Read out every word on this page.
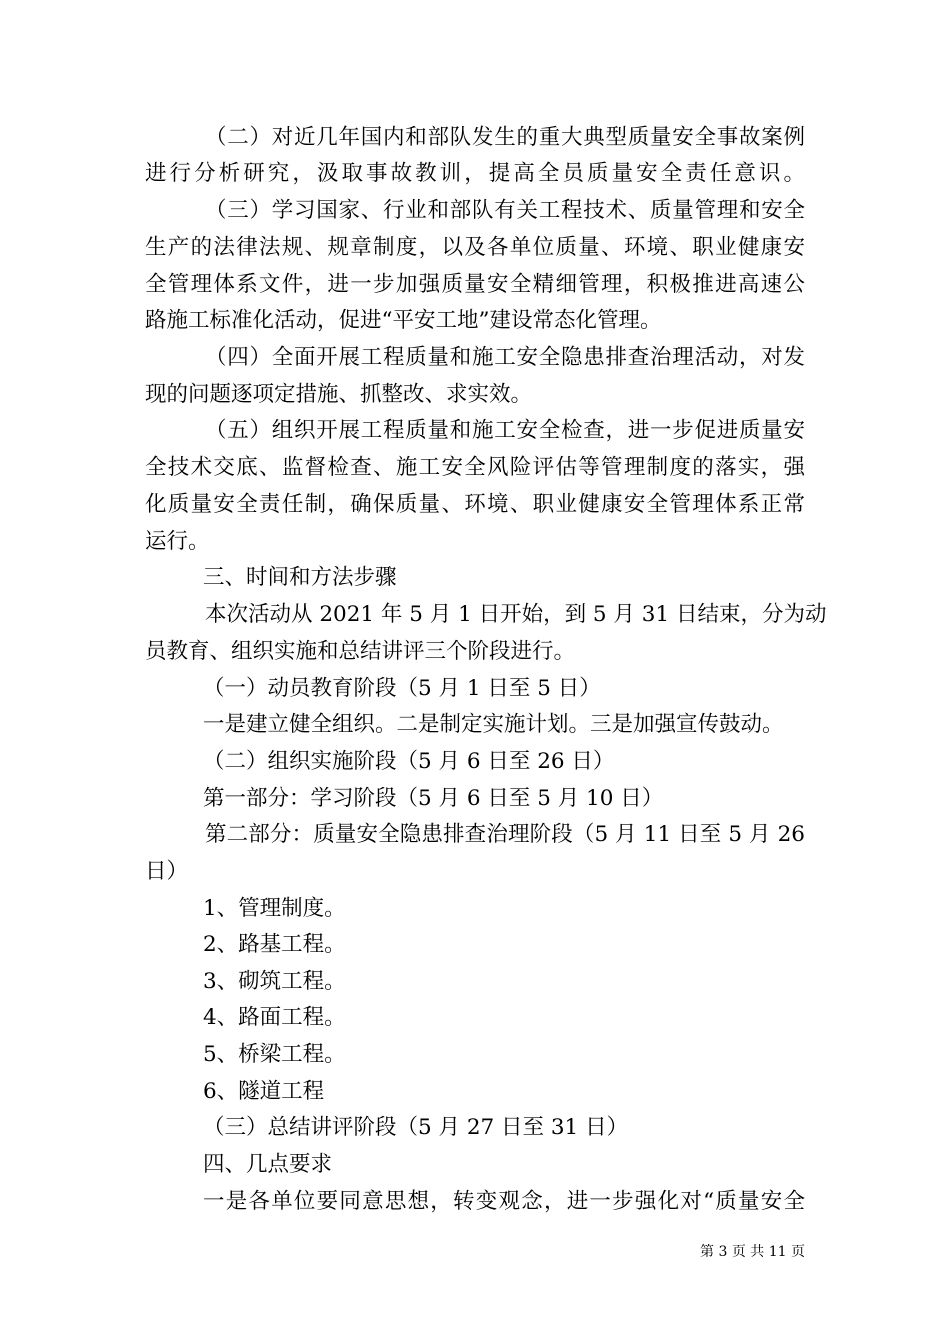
（二）对近几年国内和部队发生的重大典型质量安全事故案例
进行分析研究，汲取事故教训，提高全员质量安全责任意识。
（三）学习国家、行业和部队有关工程技术、质量管理和安全
生产的法律法规、规章制度，以及各单位质量、环境、职业健康安
全管理体系文件，进一步加强质量安全精细管理，积极推进高速公
路施工标准化活动，促进“平安工地”建设常态化管理。
（四）全面开展工程质量和施工安全隐患排查治理活动，对发
现的问题逐项定措施、抓整改、求实效。
（五）组织开展工程质量和施工安全检查，进一步促进质量安
全技术交底、监督检查、施工安全风险评估等管理制度的落实，强
化质量安全责任制，确保质量、环境、职业健康安全管理体系正常
运行。
三、时间和方法步骤
本次活动从 2021 年 5 月 1 日开始，到 5 月 31 日结束，分为动
员教育、组织实施和总结讲评三个阶段进行。
（一）动员教育阶段（5 月 1 日至 5 日）
一是建立健全组织。二是制定实施计划。三是加强宣传鼓动。
（二）组织实施阶段（5 月 6 日至 26 日）
第一部分：学习阶段（5 月 6 日至 5 月 10 日）
第二部分：质量安全隐患排查治理阶段（5 月 11 日至 5 月 26
日）
1、管理制度。
2、路基工程。
3、砌筑工程。
4、路面工程。
5、桥梁工程。
6、隧道工程
（三）总结讲评阶段（5 月 27 日至 31 日）
四、几点要求
一是各单位要同意思想，转变观念，进一步强化对“质量安全
第 3 页 共 11 页
